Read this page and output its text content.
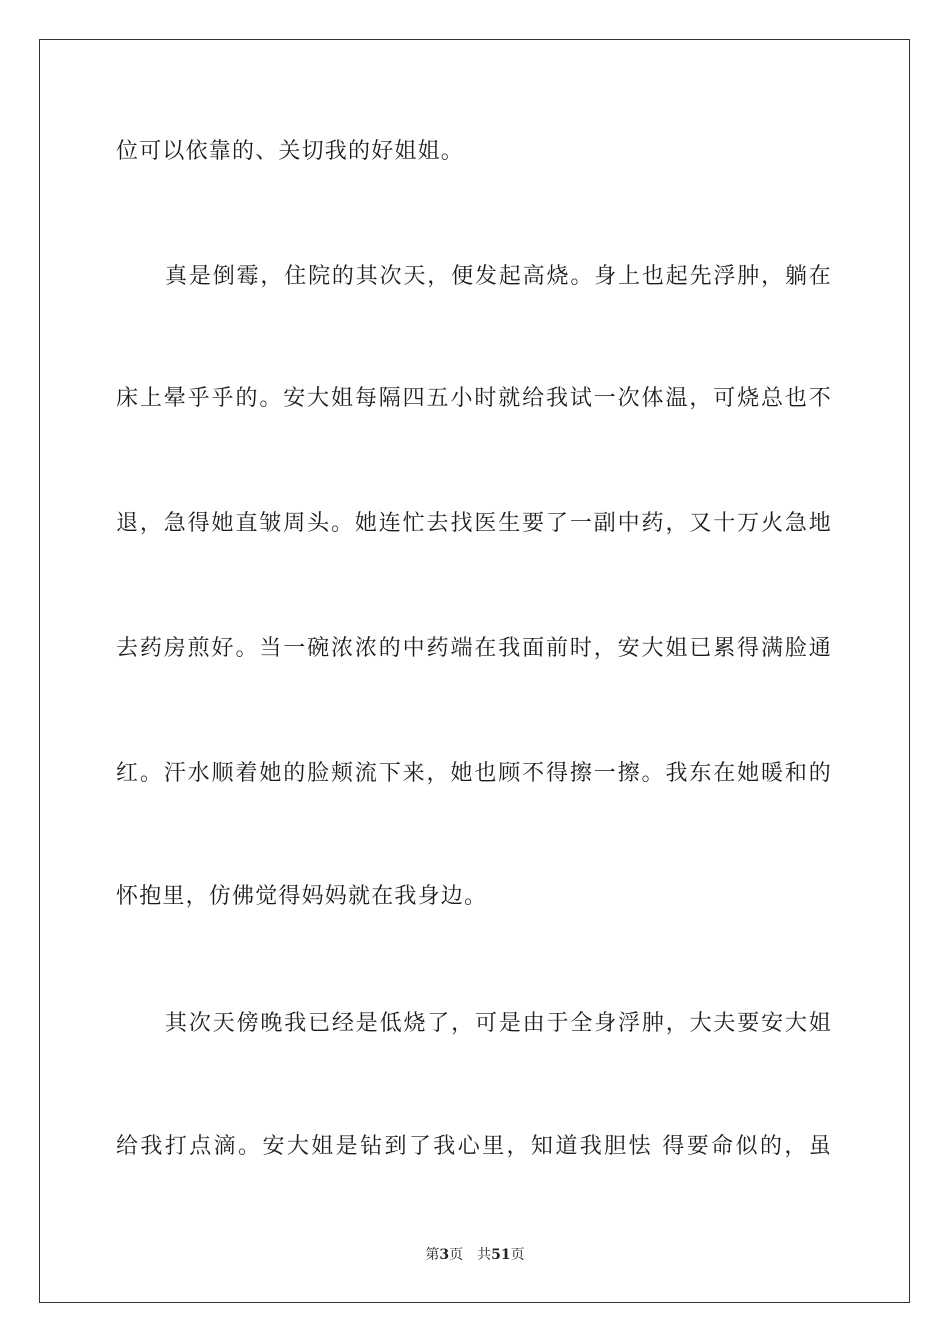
位可以依靠的、关切我的好姐姐。
真是倒霉，住院的其次天，便发起高烧。身上也起先浮肿，躺在
床上晕乎乎的。安大姐每隔四五小时就给我试一次体温，可烧总也不
退，急得她直皱周头。她连忙去找医生要了一副中药，又十万火急地
去药房煎好。当一碗浓浓的中药端在我面前时，安大姐已累得满脸通
红。汗水顺着她的脸颊流下来，她也顾不得擦一擦。我东在她暖和的
怀抱里，仿佛觉得妈妈就在我身边。
其次天傍晚我已经是低烧了，可是由于全身浮肿，大夫要安大姐
给我打点滴。安大姐是钻到了我心里，知道我胆怯 得要命似的，虽
第3页 共51页
